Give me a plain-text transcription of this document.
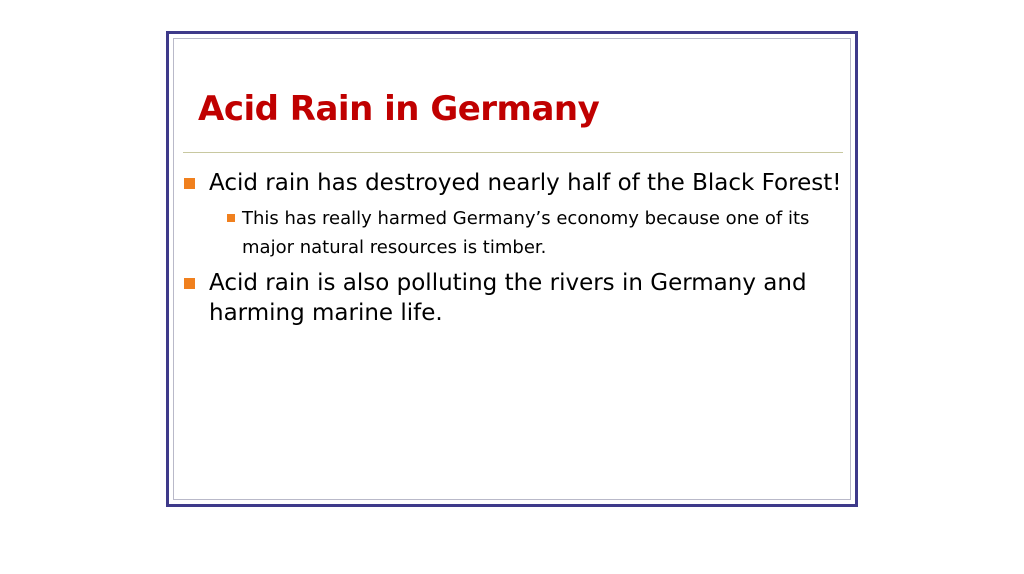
Acid Rain in Germany
Acid rain has destroyed nearly half of the Black Forest!
This has really harmed Germany’s economy because one of its major natural resources is timber.
Acid rain is also polluting the rivers in Germany and harming marine life.
